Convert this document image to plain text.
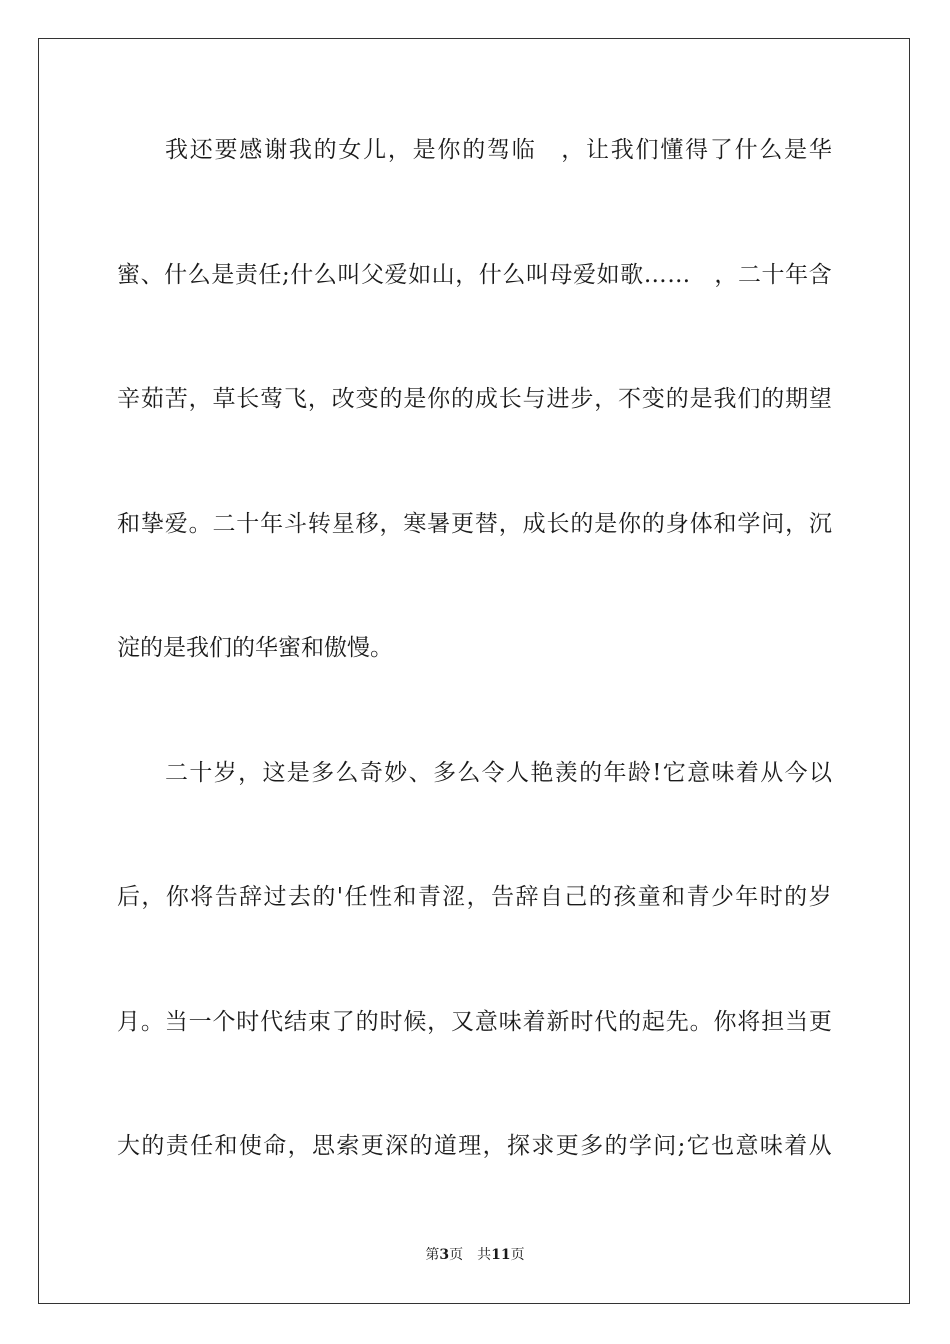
我 还 要 感 谢 我 的 女 儿 ， 是 你 的 驾 临
　 ， 让 我 们 懂 得 了 什 么 是 华
蜜 、 什 么 是 责 任 ; 什 么 叫 父 爱 如 山 ， 什 么 叫 母 爱 如 歌 … …
　 ， 二 十 年 含
辛 茹 苦 ， 草 长 莺 飞 ， 改 变 的 是 你 的 成 长 与 进 步 ， 不 变 的 是 我 们 的 期 望
和 挚 爱 。 二 十 年 斗 转 星 移 ， 寒 暑 更 替 ， 成 长 的 是 你 的 身 体 和 学 问 ， 沉
淀的是我们的华蜜和傲慢。
二 十 岁 ， 这 是 多 么 奇 妙 、 多 么 令 人 艳 羡 的 年 龄 ! 它 意 味 着 从 今 以
后 ， 你 将 告 辞 过 去 的 ' 任 性 和 青 涩 ， 告 辞 自 己 的 孩 童 和 青 少 年 时 的 岁
月 。 当 一 个 时 代 结 束 了 的 时 候 ， 又 意 味 着 新 时 代 的 起 先 。 你 将 担 当 更
大 的 责 任 和 使 命 ， 思 索 更 深 的 道 理 ， 探 求 更 多 的 学 问 ; 它 也 意 味 着 从
第3页　共11页
